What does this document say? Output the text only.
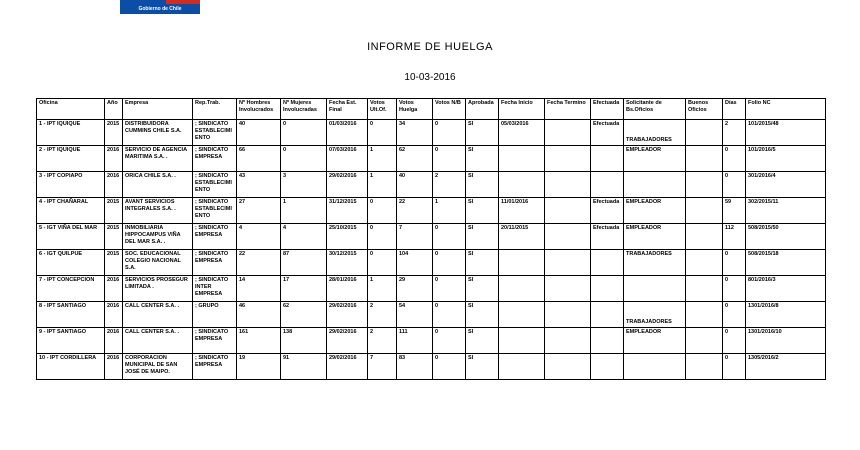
Gobierno de Chile
INFORME DE HUELGA
10-03-2016
Oficina	Año	Empresa	Rep.Trab.	Nº Hombres Involucrados	Nº Mujeres Involucradas	Fecha Est. Final	Votos Ult.Of.	Votos Huelga	Votos N/B	Aprobada	Fecha Inicio	Fecha Termino	Efectuada	Solicitante de Bs.Oficios	Buenos Oficios	Días	Folio NC
1 - IPT IQUIQUE	2015	DISTRIBUIDORA CUMMINS CHILE S.A.	; SINDICATO ESTABLECIMIENTO	40	0	01/03/2016	0	34	0	SI	05/03/2016		Efectuada	TRABAJADORES		2	101/2015/48
2 - IPT IQUIQUE	2016	SERVICIO DE AGENCIA MARITIMA S.A. .	; SINDICATO EMPRESA	66	0	07/03/2016	1	62	0	SI				EMPLEADOR		0	101/2016/5
3 - IPT COPIAPO	2016	ORICA CHILE S.A. .	; SINDICATO ESTABLECIMIENTO	43	3	29/02/2016	1	40	2	SI						0	301/2016/4
4 - IPT CHAÑARAL	2015	AVANT SERVICIOS INTEGRALES S.A. .	; SINDICATO ESTABLECIMIENTO	27	1	31/12/2015	0	22	1	SI	11/01/2016		Efectuada	EMPLEADOR		59	302/2015/11
5 - IGT VIÑA DEL MAR	2015	INMOBILIARIA HIPPOCAMPUS VIÑA DEL MAR S.A. .	; SINDICATO EMPRESA	4	4	25/10/2015	0	7	0	SI	20/11/2015		Efectuada	EMPLEADOR		112	508/2015/50
6 - IGT QUILPUE	2015	SOC. EDUCACIONAL COLEGIO NACIONAL S.A.	; SINDICATO EMPRESA	22	87	30/12/2015	0	104	0	SI				TRABAJADORES		0	508/2015/18
7 - IPT CONCEPCION	2016	SERVICIOS PROSEGUR LIMITADA .	; SINDICATO INTER EMPRESA	14	17	28/01/2016	1	29	0	SI						0	801/2016/3
8 - IPT SANTIAGO	2016	CALL CENTER S.A. .	; GRUPO	46	62	29/02/2016	2	54	0	SI				TRABAJADORES		0	1301/2016/8
9 - IPT SANTIAGO	2016	CALL CENTER S.A. .	; SINDICATO EMPRESA	161	138	29/02/2016	2	111	0	SI				EMPLEADOR		0	1301/2016/10
10 - IPT CORDILLERA	2016	CORPORACION MUNICIPAL DE SAN JOSÉ DE MAIPO.	; SINDICATO EMPRESA	19	91	29/02/2016	7	83	0	SI						0	1305/2016/2
